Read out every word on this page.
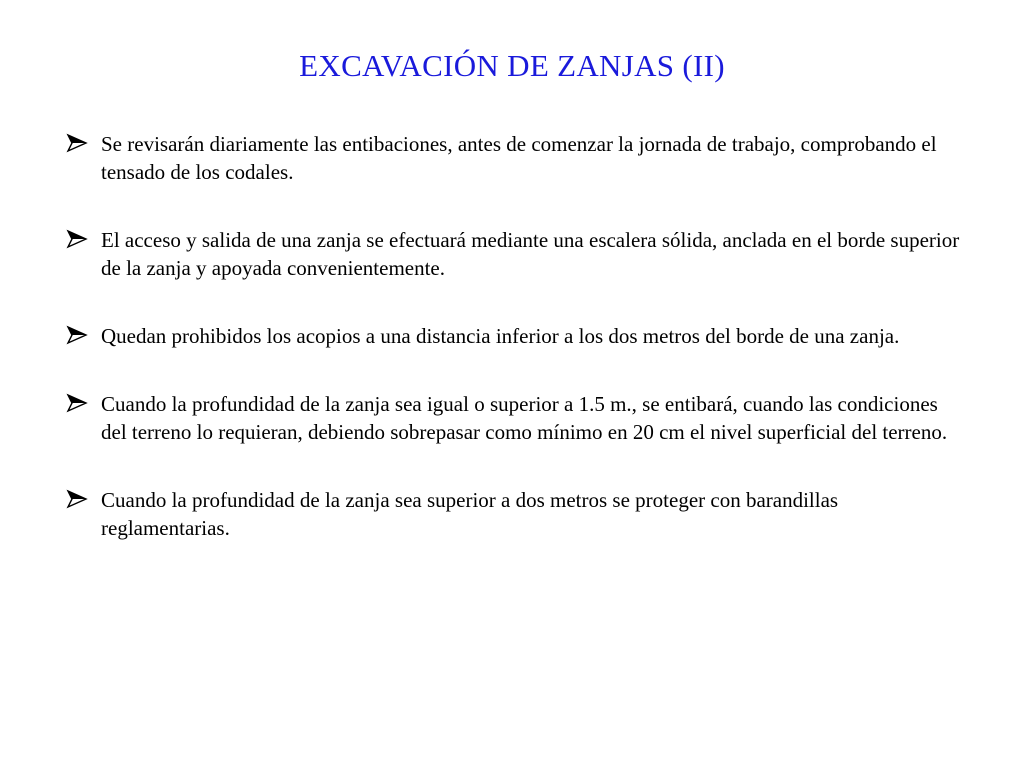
EXCAVACIÓN DE ZANJAS (II)
Se revisarán diariamente las entibaciones, antes de comenzar la jornada de trabajo, comprobando el tensado de los codales.
El acceso y salida de una zanja se efectuará mediante una escalera sólida, anclada en el borde superior de la zanja y apoyada convenientemente.
Quedan prohibidos los acopios a una distancia inferior a los dos metros del borde de una zanja.
Cuando la profundidad de la zanja sea igual o superior a 1.5 m., se entibará, cuando las condiciones del terreno lo requieran, debiendo sobrepasar como mínimo en 20 cm el nivel superficial del terreno.
Cuando la profundidad de la zanja sea superior a dos metros se proteger con barandillas reglamentarias.
